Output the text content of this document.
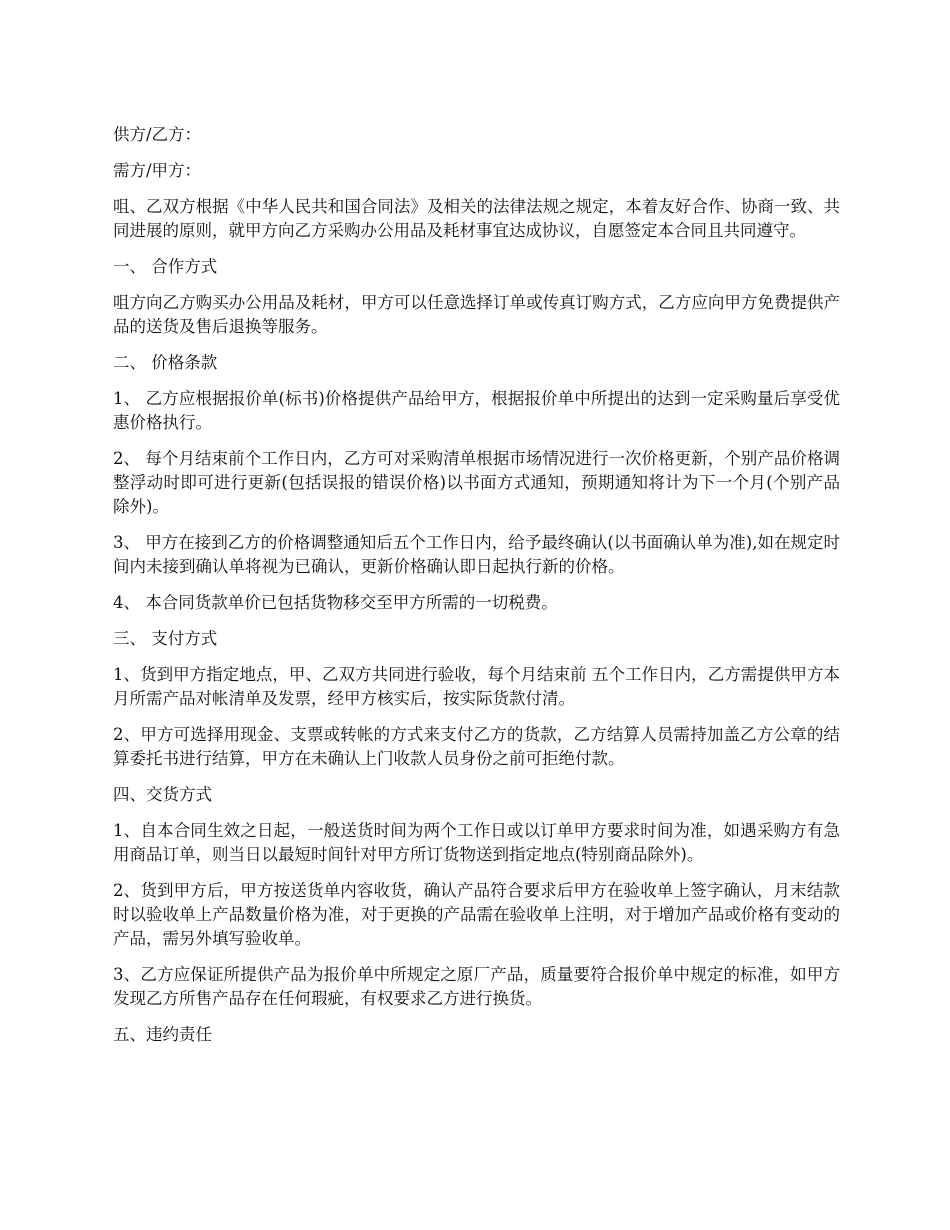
供方/乙方：

需方/甲方：

咀、乙双方根据《中华人民共和国合同法》及相关的法律法规之规定，本着友好合作、协商一致、共同进展的原则，就甲方向乙方采购办公用品及耗材事宜达成协议，自愿签定本合同且共同遵守。

一、 合作方式

咀方向乙方购买办公用品及耗材，甲方可以任意选择订单或传真订购方式，乙方应向甲方免费提供产品的送货及售后退换等服务。

二、 价格条款

1、 乙方应根据报价单(标书)价格提供产品给甲方，根据报价单中所提出的达到一定采购量后享受优惠价格执行。

2、 每个月结束前个工作日内，乙方可对采购清单根据市场情况进行一次价格更新，个别产品价格调整浮动时即可进行更新(包括误报的错误价格)以书面方式通知，预期通知将计为下一个月(个别产品除外)。

3、 甲方在接到乙方的价格调整通知后五个工作日内，给予最终确认(以书面确认单为准),如在规定时间内未接到确认单将视为已确认，更新价格确认即日起执行新的价格。

4、 本合同货款单价已包括货物移交至甲方所需的一切税费。

三、 支付方式

1、货到甲方指定地点，甲、乙双方共同进行验收，每个月结束前 五个工作日内，乙方需提供甲方本月所需产品对帐清单及发票，经甲方核实后，按实际货款付清。

2、甲方可选择用现金、支票或转帐的方式来支付乙方的货款，乙方结算人员需持加盖乙方公章的结算委托书进行结算，甲方在未确认上门收款人员身份之前可拒绝付款。

四、交货方式

1、自本合同生效之日起，一般送货时间为两个工作日或以订单甲方要求时间为准，如遇采购方有急用商品订单，则当日以最短时间针对甲方所订货物送到指定地点(特别商品除外)。

2、货到甲方后，甲方按送货单内容收货，确认产品符合要求后甲方在验收单上签字确认，月末结款时以验收单上产品数量价格为准，对于更换的产品需在验收单上注明，对于增加产品或价格有变动的产品，需另外填写验收单。

3、乙方应保证所提供产品为报价单中所规定之原厂产品，质量要符合报价单中规定的标准，如甲方发现乙方所售产品存在任何瑕疵，有权要求乙方进行换货。

五、违约责任
